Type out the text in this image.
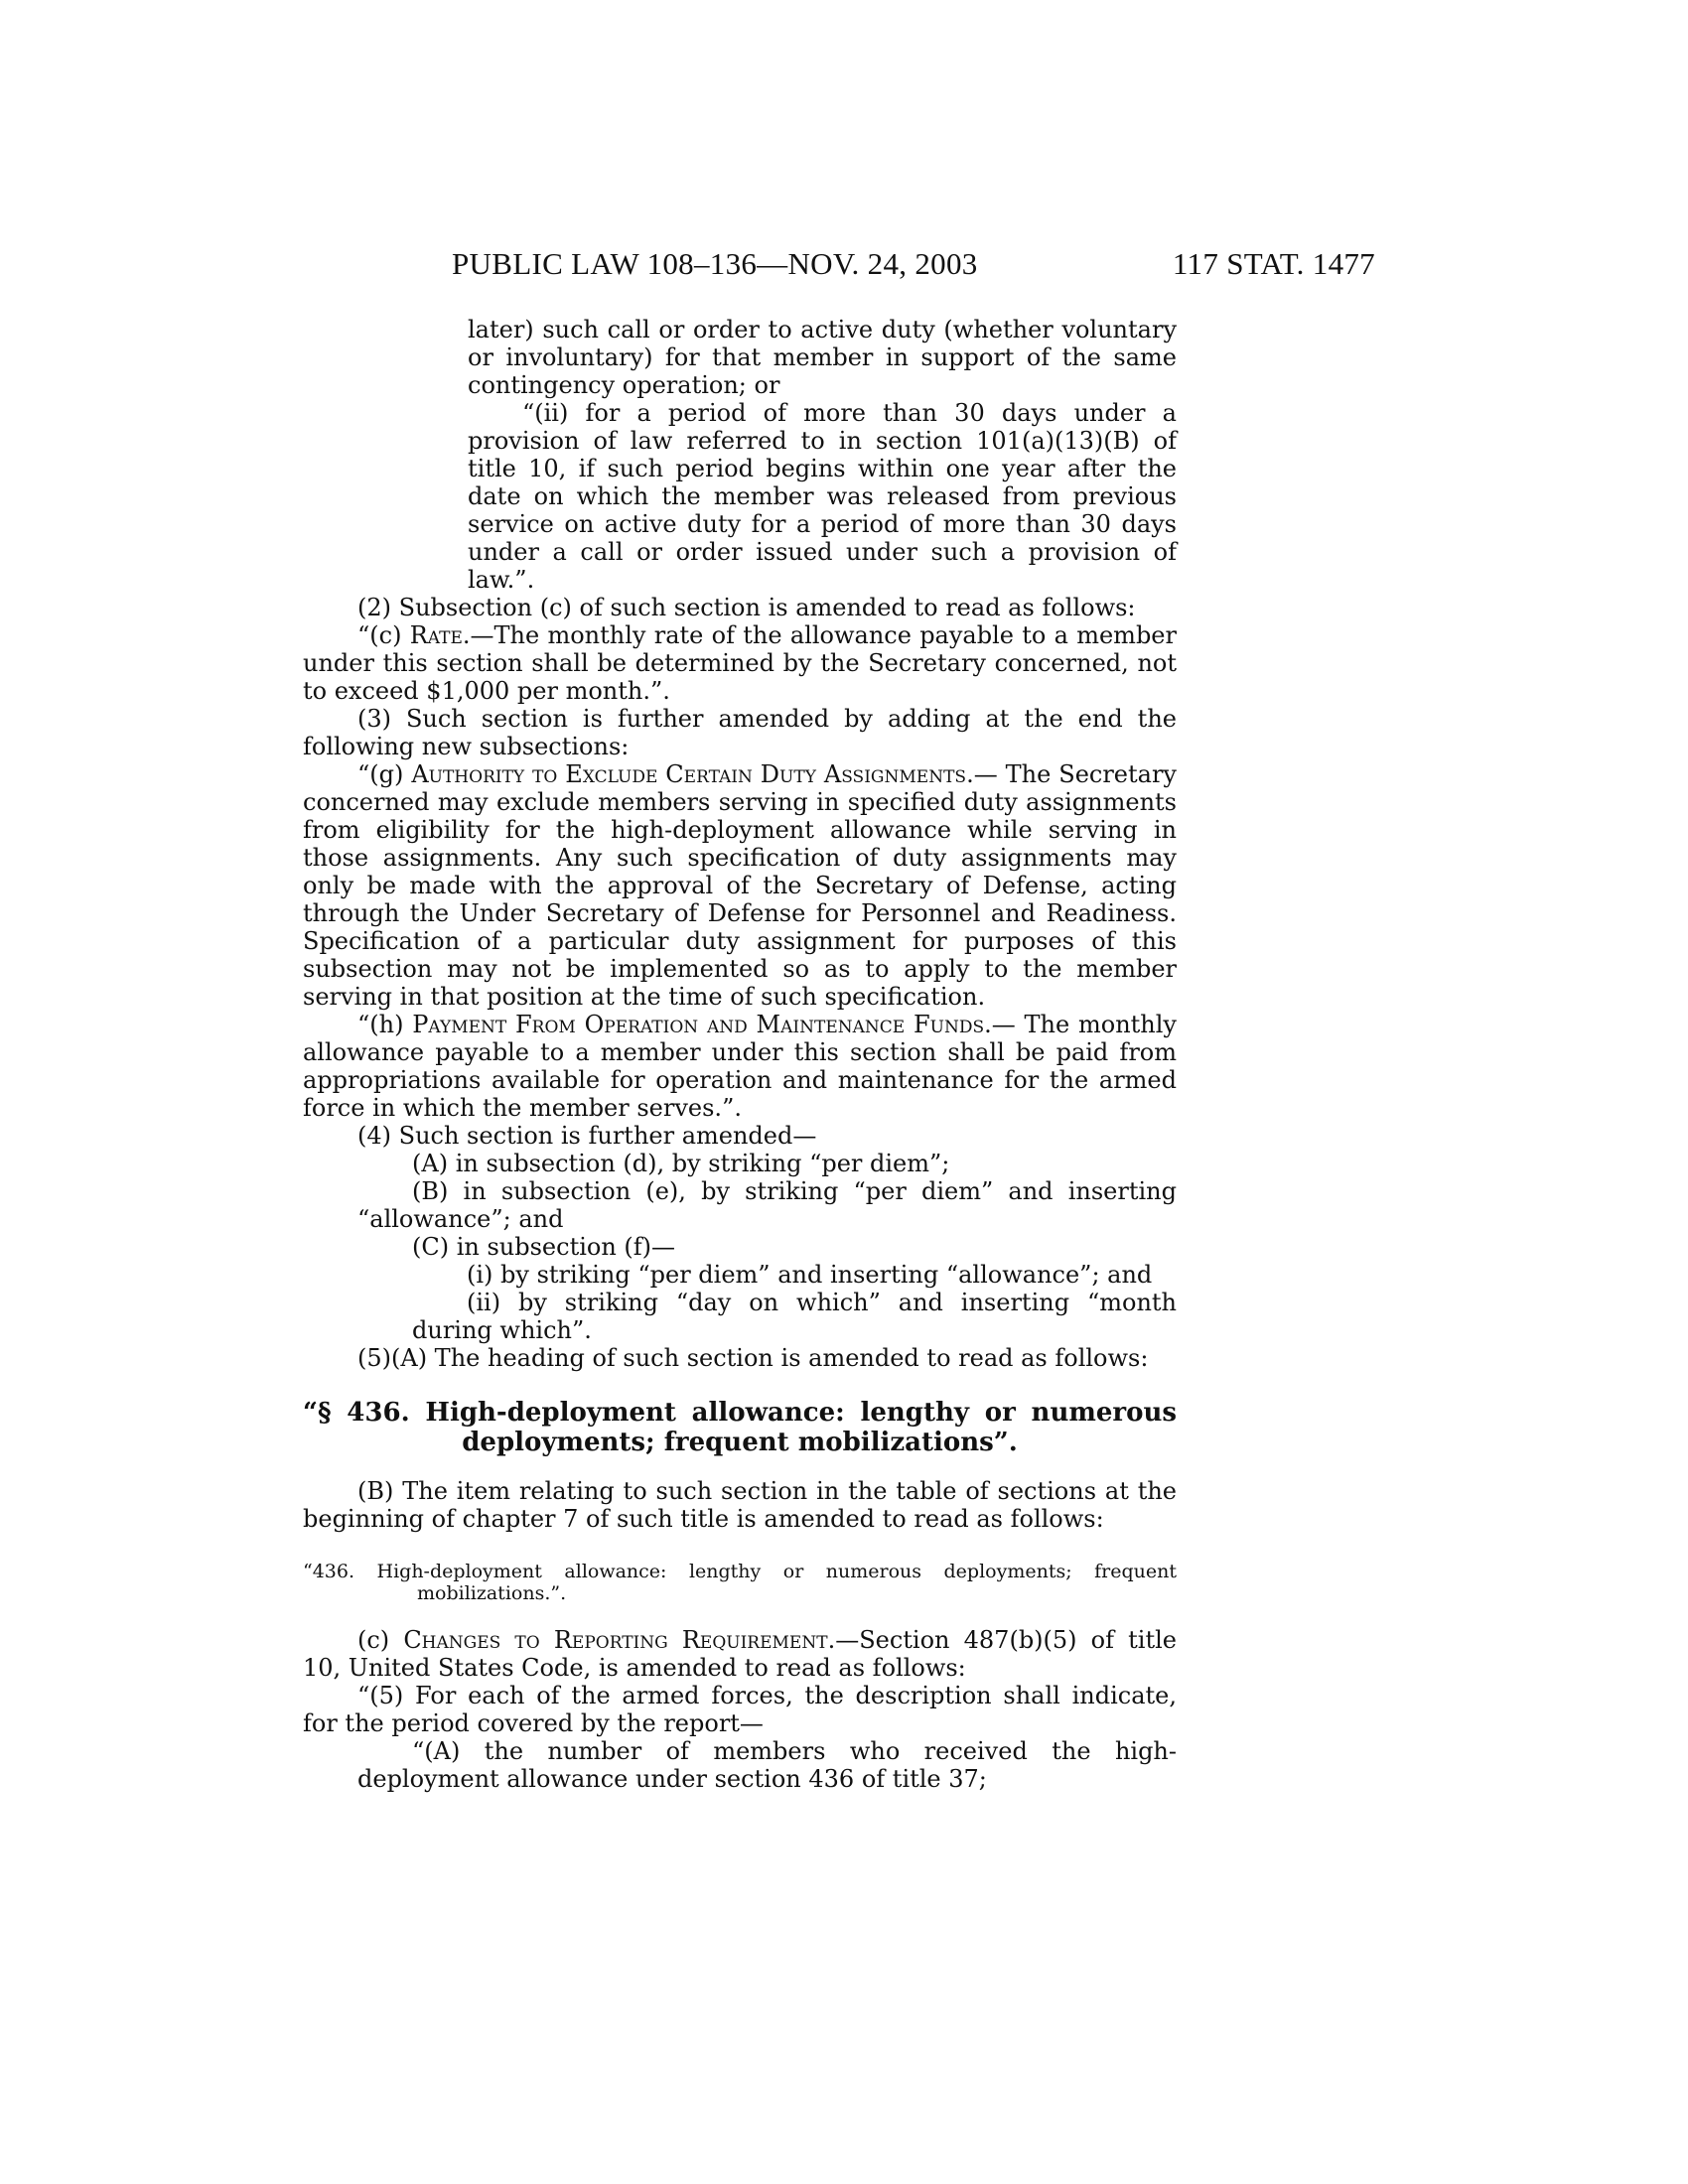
PUBLIC LAW 108–136—NOV. 24, 2003	117 STAT. 1477

later) such call or order to active duty (whether voluntary or involuntary) for that member in support of the same contingency operation; or

“(ii) for a period of more than 30 days under a provision of law referred to in section 101(a)(13)(B) of title 10, if such period begins within one year after the date on which the member was released from previous service on active duty for a period of more than 30 days under a call or order issued under such a provision of law.”.

(2) Subsection (c) of such section is amended to read as follows:

“(c) Rate.—The monthly rate of the allowance payable to a member under this section shall be determined by the Secretary concerned, not to exceed $1,000 per month.”.

(3) Such section is further amended by adding at the end the following new subsections:

“(g) Authority to Exclude Certain Duty Assignments.— The Secretary concerned may exclude members serving in specified duty assignments from eligibility for the high-deployment allowance while serving in those assignments. Any such specification of duty assignments may only be made with the approval of the Secretary of Defense, acting through the Under Secretary of Defense for Personnel and Readiness. Specification of a particular duty assignment for purposes of this subsection may not be implemented so as to apply to the member serving in that position at the time of such specification.

“(h) Payment From Operation and Maintenance Funds.— The monthly allowance payable to a member under this section shall be paid from appropriations available for operation and maintenance for the armed force in which the member serves.”.

(4) Such section is further amended—

(A) in subsection (d), by striking “per diem”;

(B) in subsection (e), by striking “per diem” and inserting “allowance”; and

(C) in subsection (f)—

(i) by striking “per diem” and inserting “allowance”; and

(ii) by striking “day on which” and inserting “month during which”.

(5)(A) The heading of such section is amended to read as follows:

“§ 436. High-deployment allowance: lengthy or numerous
deployments; frequent mobilizations”.

(B) The item relating to such section in the table of sections at the beginning of chapter 7 of such title is amended to read as follows:

“436. High-deployment allowance: lengthy or numerous deployments; frequent mobilizations.”.

(c) Changes to Reporting Requirement.—Section 487(b)(5) of title 10, United States Code, is amended to read as follows:

“(5) For each of the armed forces, the description shall indicate, for the period covered by the report—

“(A) the number of members who received the high-deployment allowance under section 436 of title 37;
